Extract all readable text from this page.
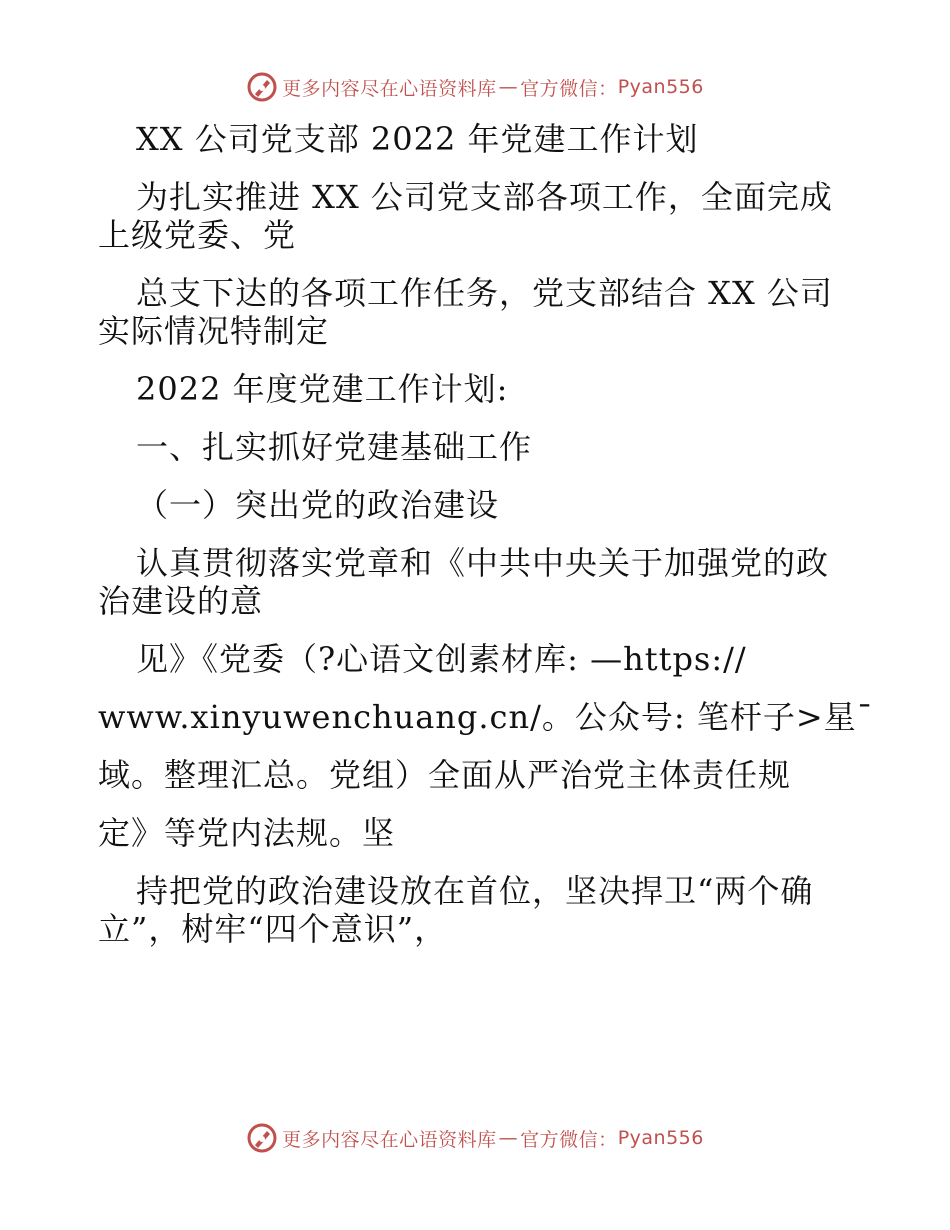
更多内容尽在心语资料库 — 官方微信： Pyan556
XX 公司党支部 2022 年党建工作计划
为扎实推进 XX 公司党支部各项工作，全面完成
上级党委、党
总支下达的各项工作任务，党支部结合 XX 公司
实际情况特制定
2022 年度党建工作计划:
一、扎实抓好党建基础工作
（一）突出党的政治建设
认真贯彻落实党章和《中共中央关于加强党的政
治建设的意
见》《党委（?心语文创素材库: —https://
www.xinyuwenchuang.cn/。公众号: 笔杆子>星¯
域。整理汇总。党组）全面从严治党主体责任规
定》等党内法规。坚
持把党的政治建设放在首位，坚决捍卫“两个确
立”，树牢“四个意识”，
更多内容尽在心语资料库 — 官方微信： Pyan556
